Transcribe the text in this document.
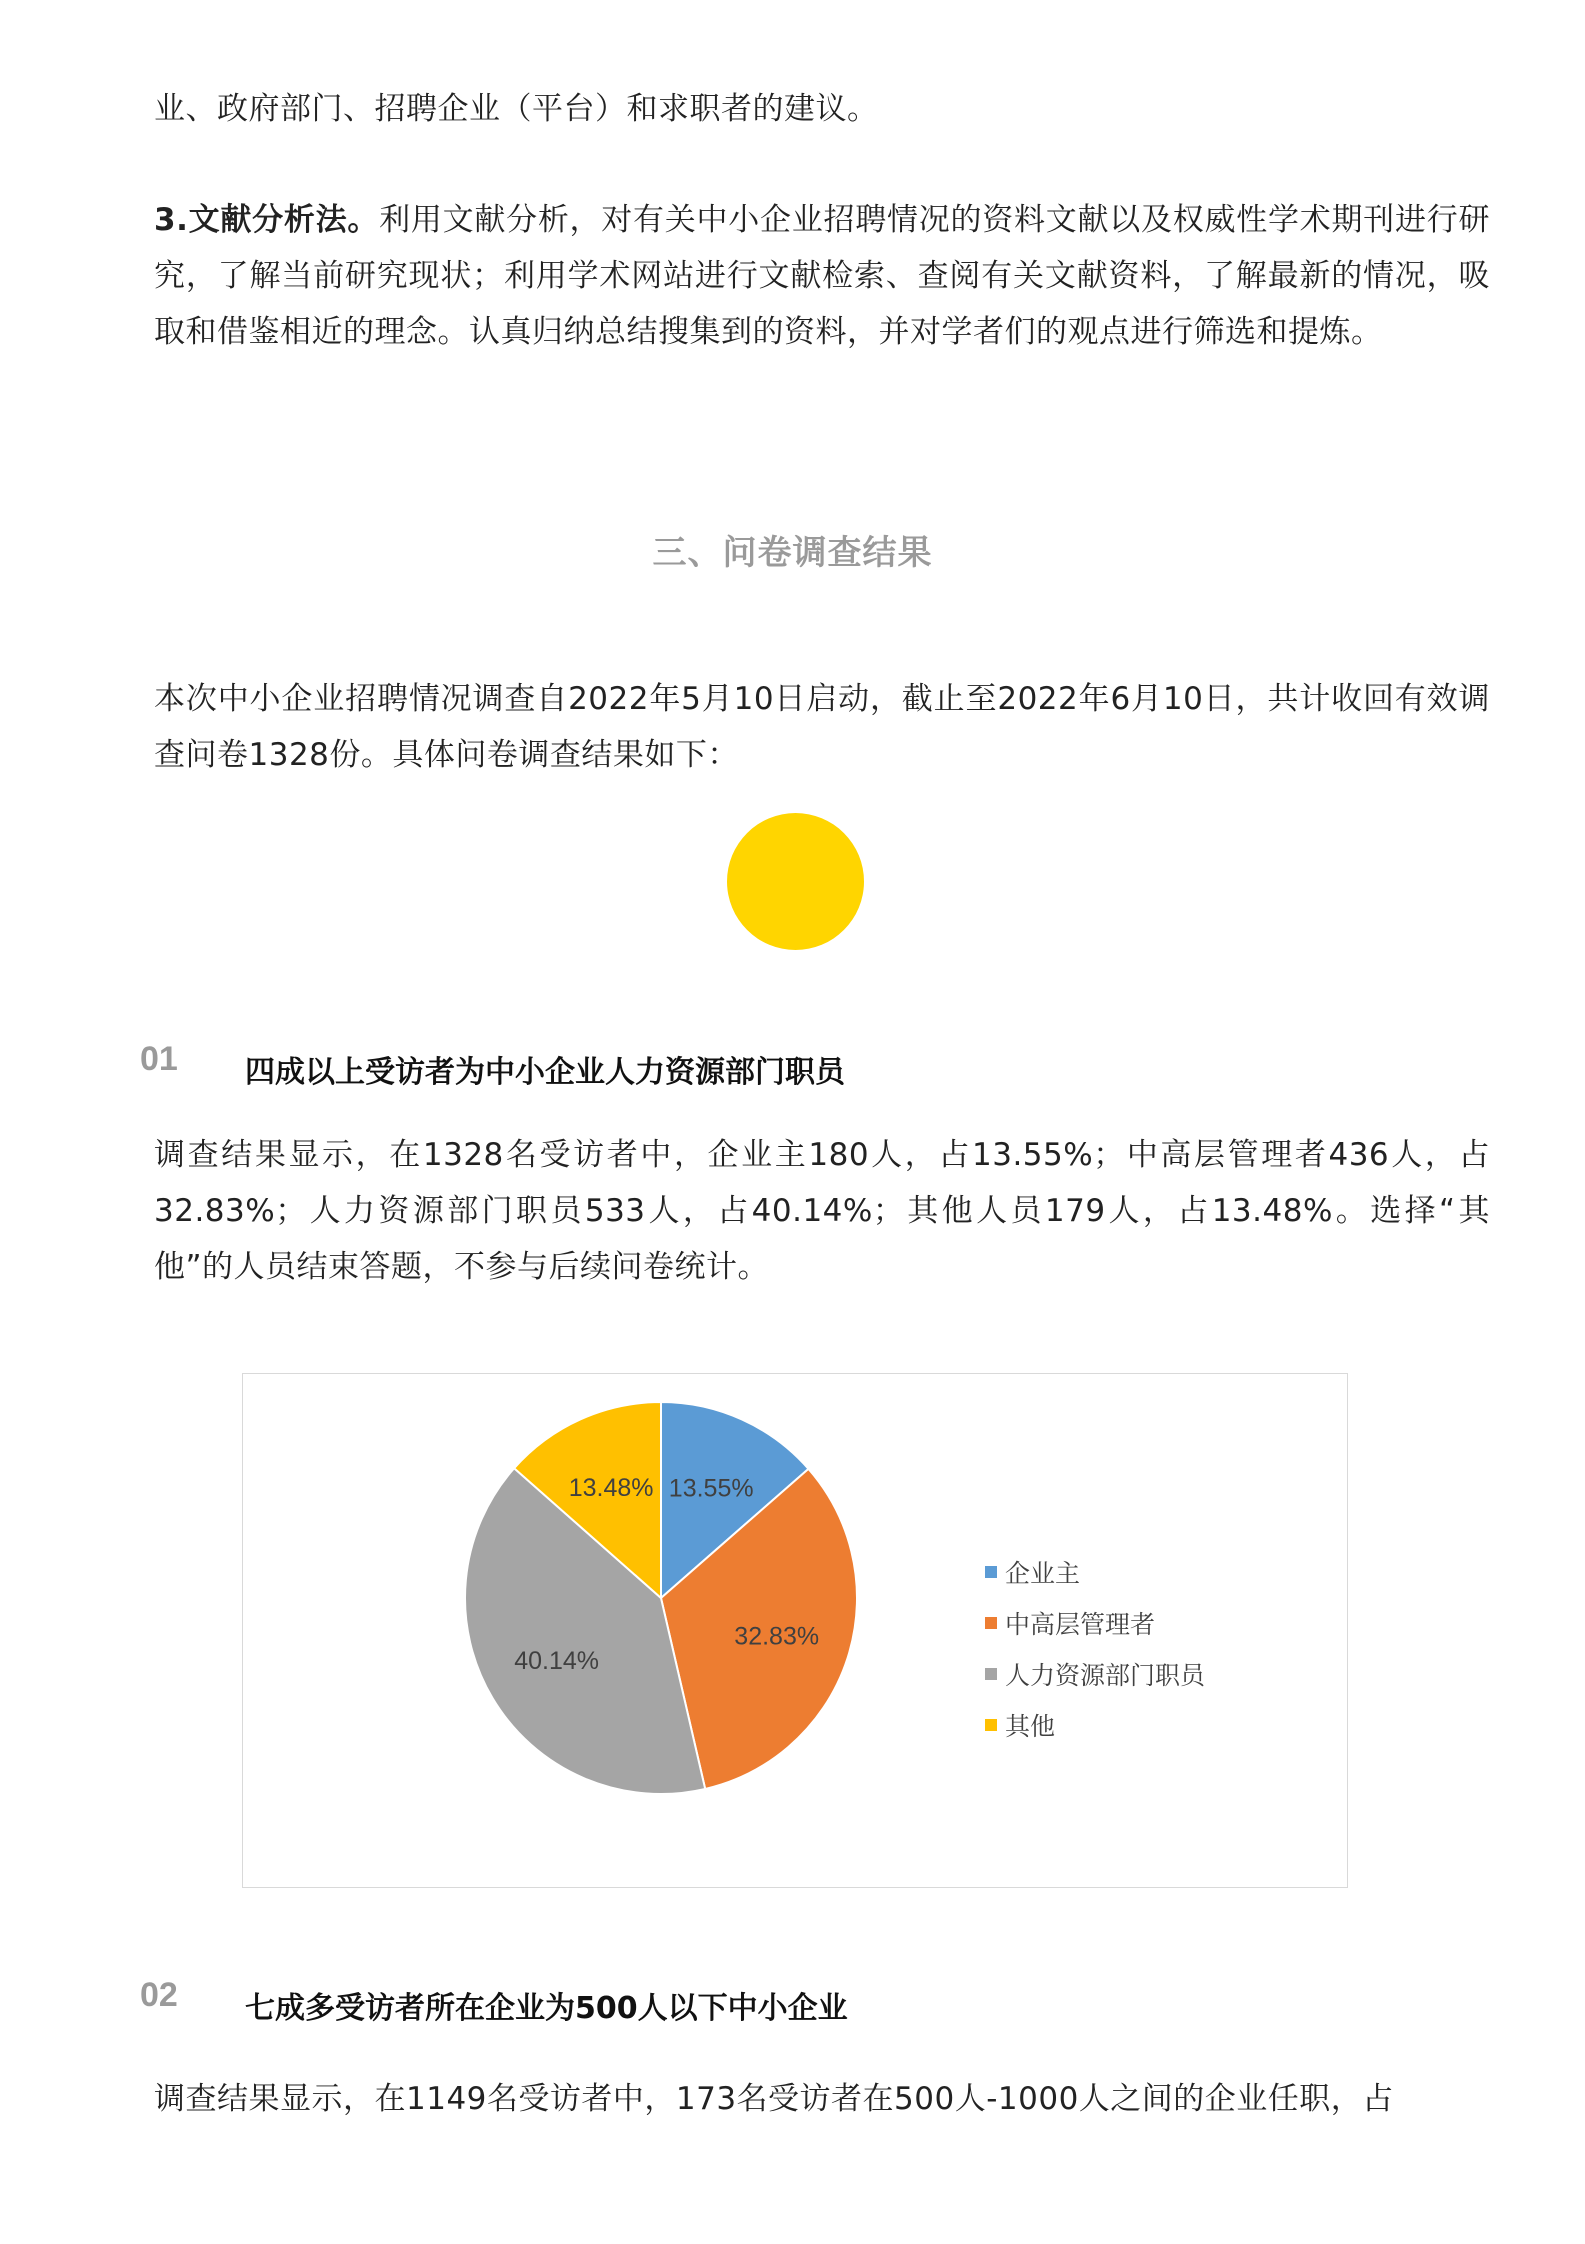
业、政府部门、招聘企业（平台）和求职者的建议。

3.文献分析法。利用文献分析，对有关中小企业招聘情况的资料文献以及权威性学术期刊进行研究，了解当前研究现状；利用学术网站进行文献检索、查阅有关文献资料，了解最新的情况，吸取和借鉴相近的理念。认真归纳总结搜集到的资料，并对学者们的观点进行筛选和提炼。

三、问卷调查结果

本次中小企业招聘情况调查自2022年5月10日启动，截止至2022年6月10日，共计收回有效调查问卷1328份。具体问卷调查结果如下：

01 四成以上受访者为中小企业人力资源部门职员

调查结果显示，在1328名受访者中，企业主180人，占13.55%；中高层管理者436人，占32.83%；人力资源部门职员533人，占40.14%；其他人员179人，占13.48%。选择“其他”的人员结束答题，不参与后续问卷统计。

13.55%
32.83%
40.14%
13.48%
企业主
中高层管理者
人力资源部门职员
其他
02 七成多受访者所在企业为500人以下中小企业

调查结果显示，在1149名受访者中，173名受访者在500人-1000人之间的企业任职，占
